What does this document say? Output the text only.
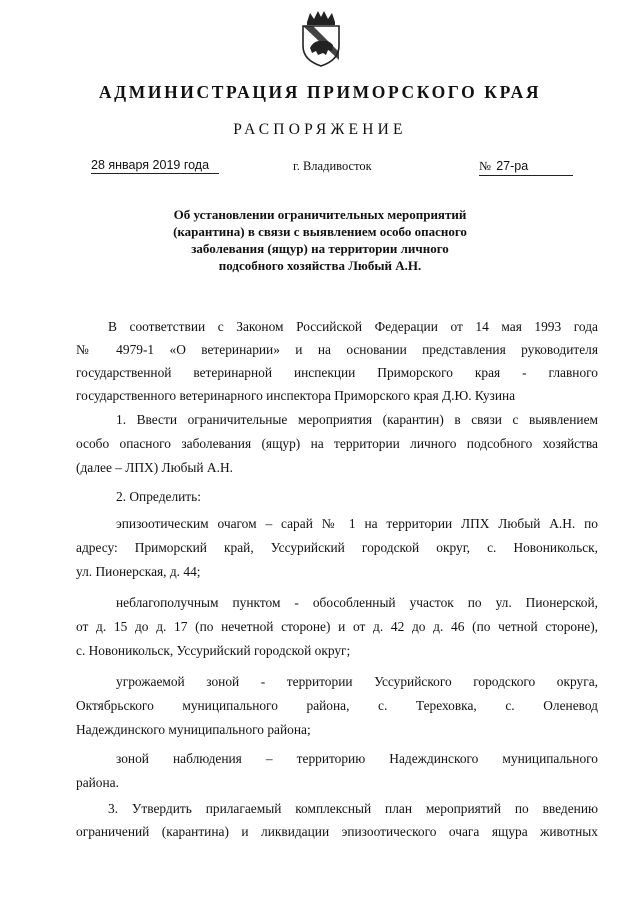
АДМИНИСТРАЦИЯ ПРИМОРСКОГО КРАЯ
РАСПОРЯЖЕНИЕ
28 января 2019 года	г. Владивосток	№ 27-ра
Об установлении ограничительных мероприятий
(карантина) в связи с выявлением особо опасного
заболевания (ящур) на территории личного
подсобного хозяйства Любый А.Н.
В соответствии с Законом Российской Федерации от 14 мая 1993 года
№ 4979-1 «О ветеринарии» и на основании представления руководителя
государственной ветеринарной инспекции Приморского края - главного
государственного ветеринарного инспектора Приморского края Д.Ю. Кузина
1. Ввести ограничительные мероприятия (карантин) в связи с выявлением
особо опасного заболевания (ящур) на территории личного подсобного хозяйства
(далее – ЛПХ) Любый А.Н.
2. Определить:
эпизоотическим очагом – сарай № 1 на территории ЛПХ Любый А.Н. по
адресу: Приморский край, Уссурийский городской округ, с. Новоникольск,
ул. Пионерская, д. 44;
неблагополучным пунктом - обособленный участок по ул. Пионерской,
от д. 15 до д. 17 (по нечетной стороне) и от д. 42 до д. 46 (по четной стороне),
с. Новоникольск, Уссурийский городской округ;
угрожаемой зоной - территории Уссурийского городского округа,
Октябрьского муниципального района, с. Тереховка, с. Оленевод
Надеждинского муниципального района;
зоной наблюдения – территорию Надеждинского муниципального
района.
3. Утвердить прилагаемый комплексный план мероприятий по введению
ограничений (карантина) и ликвидации эпизоотического очага ящура животных
